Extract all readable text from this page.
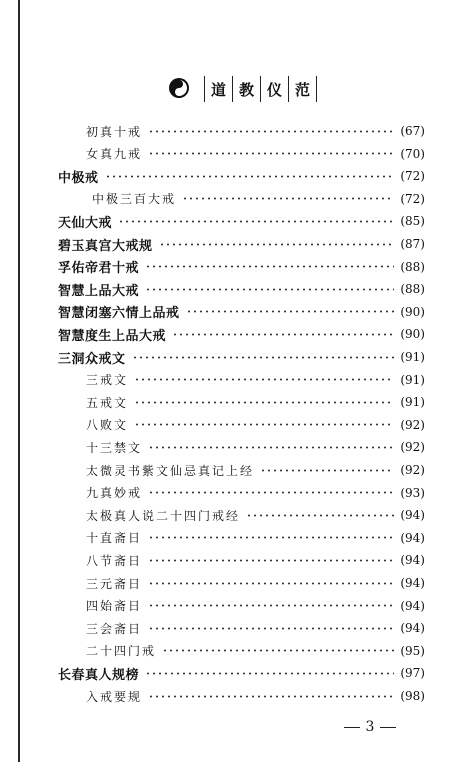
道 教 仪 范
初真十戒	(67)
女真九戒	(70)
中极戒	(72)
中极三百大戒	(72)
天仙大戒	(85)
碧玉真宫大戒规	(87)
孚佑帝君十戒	(88)
智慧上品大戒	(88)
智慧闭塞六情上品戒	(90)
智慧度生上品大戒	(90)
三洞众戒文	(91)
三戒文	(91)
五戒文	(91)
八败文	(92)
十三禁文	(92)
太微灵书紫文仙忌真记上经	(92)
九真妙戒	(93)
太极真人说二十四门戒经	(94)
十直斋日	(94)
八节斋日	(94)
三元斋日	(94)
四始斋日	(94)
三会斋日	(94)
二十四门戒	(95)
长春真人规榜	(97)
入戒要规	(98)
3
